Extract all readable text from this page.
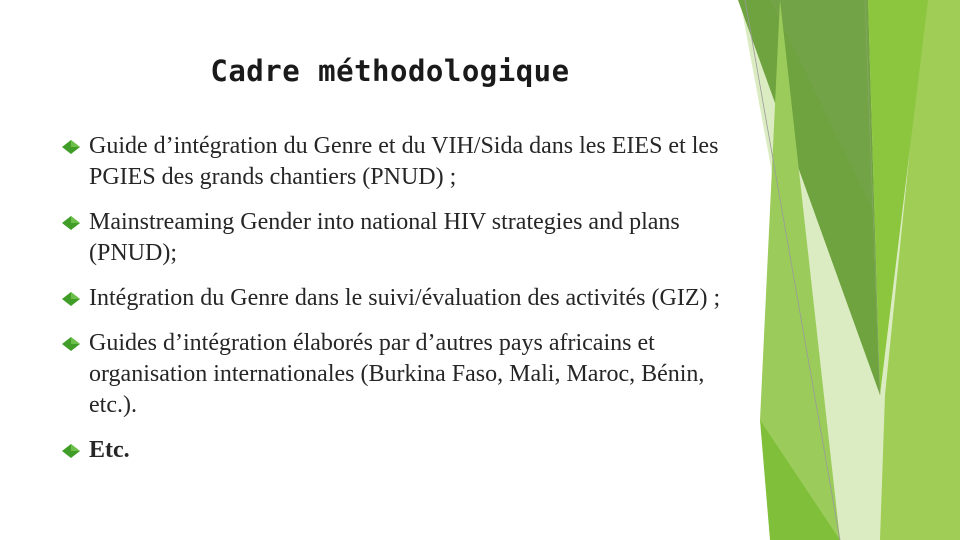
Cadre méthodologique
Guide d’intégration du Genre et du VIH/Sida dans les EIES et les PGIES des grands chantiers (PNUD) ;
Mainstreaming Gender into national HIV strategies and plans (PNUD);
Intégration du Genre dans le suivi/évaluation des activités (GIZ) ;
Guides d’intégration élaborés par d’autres pays africains et organisation internationales (Burkina Faso, Mali, Maroc, Bénin, etc.).
Etc.
